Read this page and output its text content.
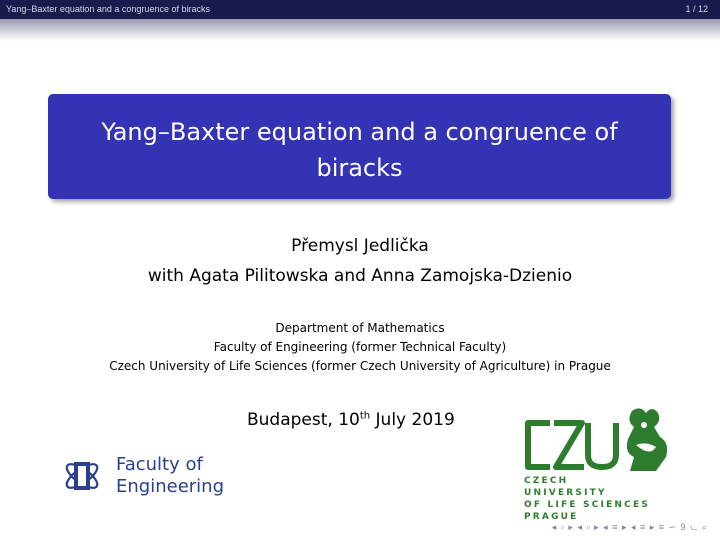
Yang–Baxter equation and a congruence of biracks	1 / 12
Yang–Baxter equation and a congruence of
biracks
Přemysl Jedlička
with Agata Pilitowska and Anna Zamojska-Dzienio
Department of Mathematics
Faculty of Engineering (former Technical Faculty)
Czech University of Life Sciences (former Czech University of Agriculture) in Prague
Budapest, 10th July 2019
Faculty of
Engineering	CZECH
UNIVERSITY
OF LIFE SCIENCES PRAGUE
◂ ▫ ▸ ◂ ▫ ▸ ◂ ≡ ▸ ◂ ≡ ▸ ≡ ∽ 9 ⦦ ⌕
